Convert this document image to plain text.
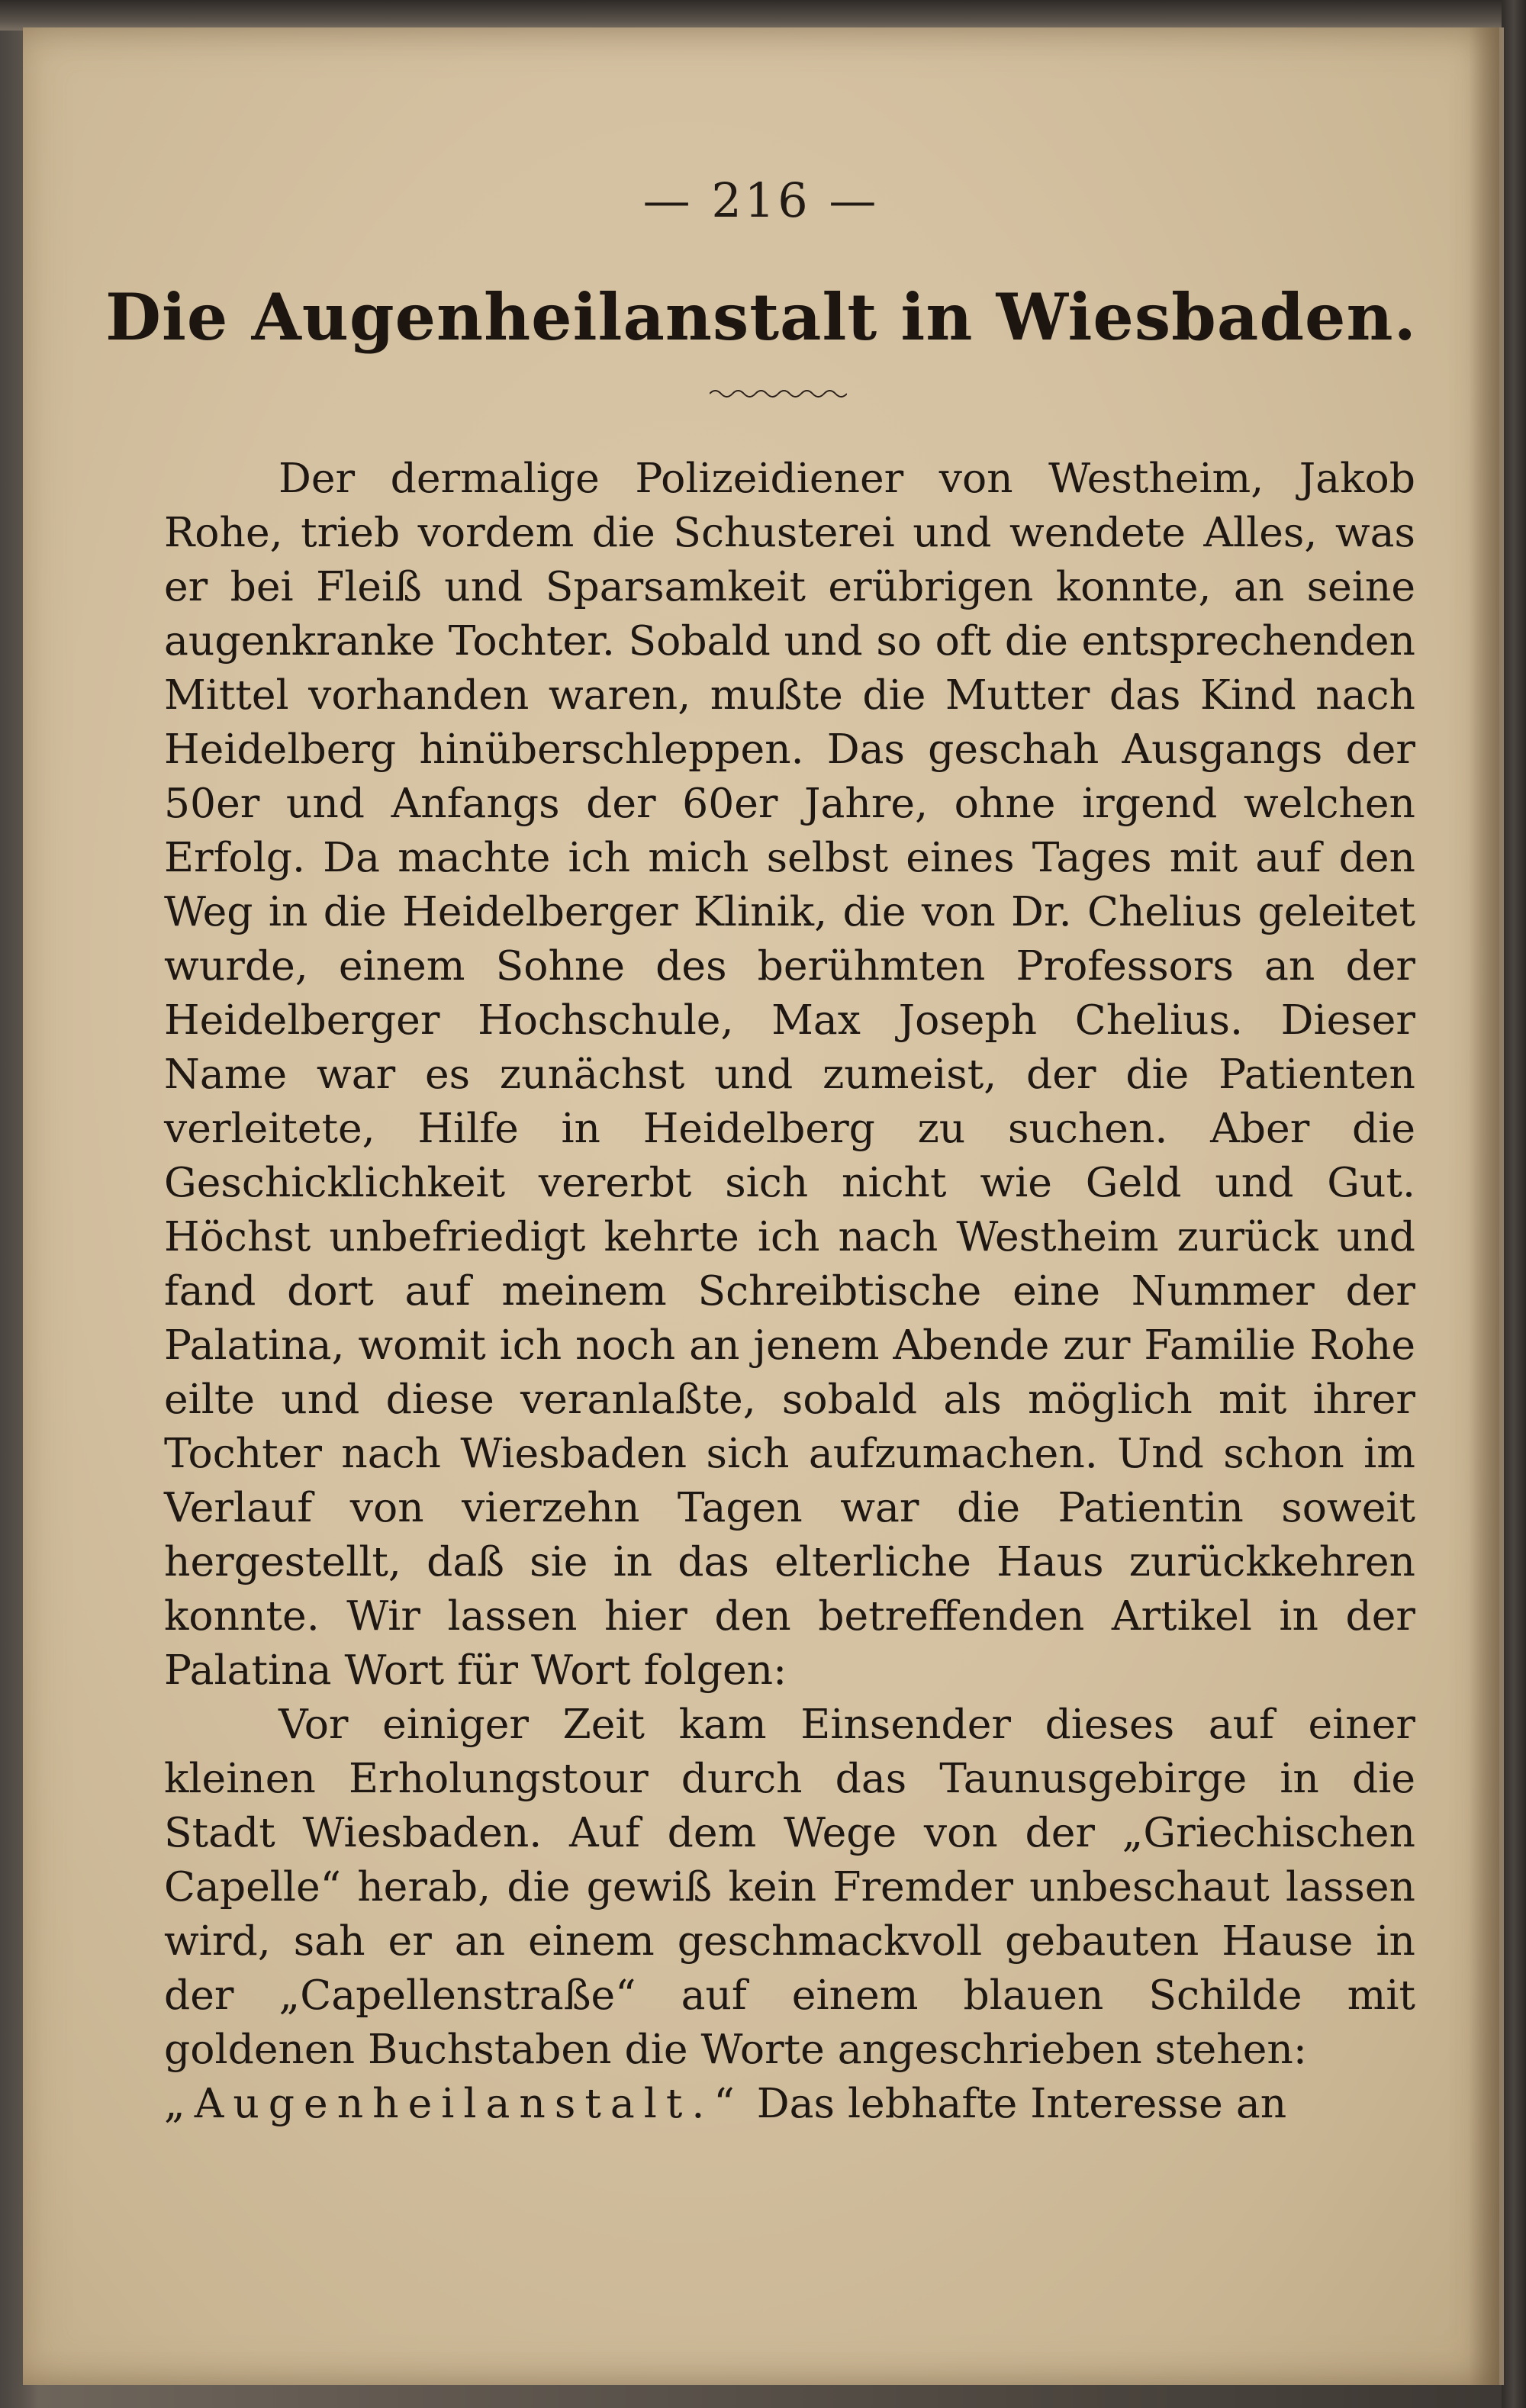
— 216 —
Die Augenheilanstalt in Wiesbaden.

Der dermalige Polizeidiener von Westheim, Jakob Rohe, trieb vordem die Schusterei und wendete Alles, was er bei Fleiß und Sparsamkeit erübrigen konnte, an seine augenkranke Tochter. Sobald und so oft die entsprechenden Mittel vorhanden waren, mußte die Mutter das Kind nach Heidelberg hinüberschleppen. Das geschah Ausgangs der 50er und Anfangs der 60er Jahre, ohne irgend welchen Erfolg. Da machte ich mich selbst eines Tages mit auf den Weg in die Heidelberger Klinik, die von Dr. Chelius geleitet wurde, einem Sohne des berühmten Professors an der Heidelberger Hochschule, Max Joseph Chelius. Dieser Name war es zunächst und zumeist, der die Patienten verleitete, Hilfe in Heidelberg zu suchen. Aber die Geschicklichkeit vererbt sich nicht wie Geld und Gut. Höchst unbefriedigt kehrte ich nach Westheim zurück und fand dort auf meinem Schreibtische eine Nummer der Palatina, womit ich noch an jenem Abende zur Familie Rohe eilte und diese veranlaßte, sobald als möglich mit ihrer Tochter nach Wiesbaden sich aufzumachen. Und schon im Verlauf von vierzehn Tagen war die Patientin soweit hergestellt, daß sie in das elterliche Haus zurückkehren konnte. Wir lassen hier den betreffenden Artikel in der Palatina Wort für Wort folgen:

Vor einiger Zeit kam Einsender dieses auf einer kleinen Erholungstour durch das Taunusgebirge in die Stadt Wiesbaden. Auf dem Wege von der „Griechischen Capelle“ herab, die gewiß kein Fremder unbeschaut lassen wird, sah er an einem geschmackvoll gebauten Hause in der „Capellenstraße“ auf einem blauen Schilde mit goldenen Buchstaben die Worte angeschrieben stehen:
„Augenheilanstalt.“ Das lebhafte Interesse an
